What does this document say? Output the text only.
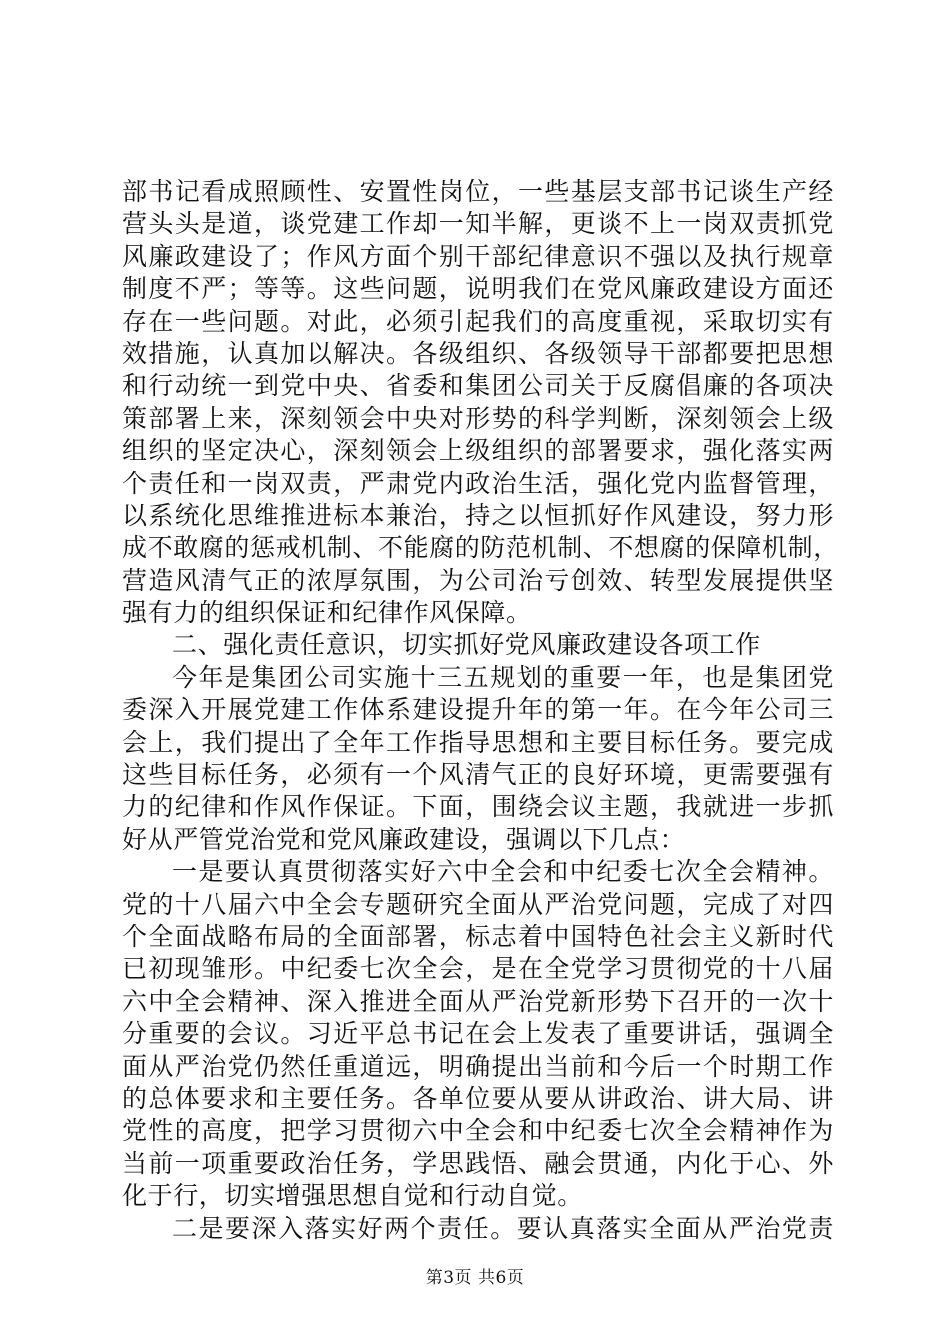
部书记看成照顾性、安置性岗位，一些基层支部书记谈生产经
营头头是道，谈党建工作却一知半解，更谈不上一岗双责抓党
风廉政建设了；作风方面个别干部纪律意识不强以及执行规章
制度不严；等等。这些问题，说明我们在党风廉政建设方面还
存在一些问题。对此，必须引起我们的高度重视，采取切实有
效措施，认真加以解决。各级组织、各级领导干部都要把思想
和行动统一到党中央、省委和集团公司关于反腐倡廉的各项决
策部署上来，深刻领会中央对形势的科学判断，深刻领会上级
组织的坚定决心，深刻领会上级组织的部署要求，强化落实两
个责任和一岗双责，严肃党内政治生活，强化党内监督管理，
以系统化思维推进标本兼治，持之以恒抓好作风建设，努力形
成不敢腐的惩戒机制、不能腐的防范机制、不想腐的保障机制，
营造风清气正的浓厚氛围，为公司治亏创效、转型发展提供坚
强有力的组织保证和纪律作风保障。
二、强化责任意识，切实抓好党风廉政建设各项工作
今年是集团公司实施十三五规划的重要一年，也是集团党
委深入开展党建工作体系建设提升年的第一年。在今年公司三
会上，我们提出了全年工作指导思想和主要目标任务。要完成
这些目标任务，必须有一个风清气正的良好环境，更需要强有
力的纪律和作风作保证。下面，围绕会议主题，我就进一步抓
好从严管党治党和党风廉政建设，强调以下几点：
一是要认真贯彻落实好六中全会和中纪委七次全会精神。
党的十八届六中全会专题研究全面从严治党问题，完成了对四
个全面战略布局的全面部署，标志着中国特色社会主义新时代
已初现雏形。中纪委七次全会，是在全党学习贯彻党的十八届
六中全会精神、深入推进全面从严治党新形势下召开的一次十
分重要的会议。习近平总书记在会上发表了重要讲话，强调全
面从严治党仍然任重道远，明确提出当前和今后一个时期工作
的总体要求和主要任务。各单位要从要从讲政治、讲大局、讲
党性的高度，把学习贯彻六中全会和中纪委七次全会精神作为
当前一项重要政治任务，学思践悟、融会贯通，内化于心、外
化于行，切实增强思想自觉和行动自觉。
二是要深入落实好两个责任。要认真落实全面从严治党责
第3页 共6页
